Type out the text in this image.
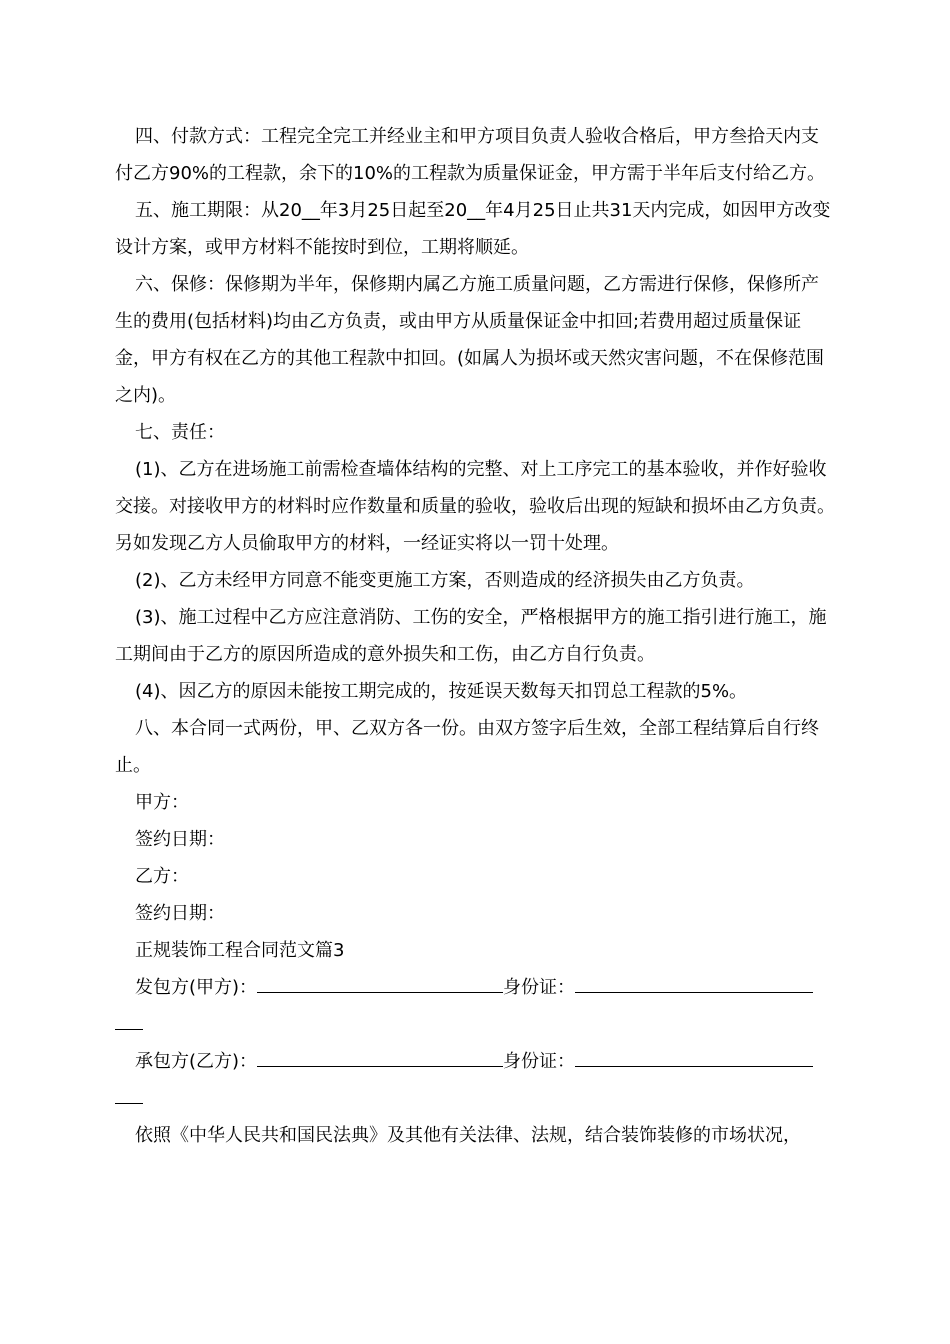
四、付款方式：工程完全完工并经业主和甲方项目负责人验收合格后，甲方叁拾天内支付乙方90%的工程款，余下的10%的工程款为质量保证金，甲方需于半年后支付给乙方。

五、施工期限：从20__年3月25日起至20__年4月25日止共31天内完成，如因甲方改变设计方案，或甲方材料不能按时到位，工期将顺延。

六、保修：保修期为半年，保修期内属乙方施工质量问题，乙方需进行保修，保修所产生的费用(包括材料)均由乙方负责，或由甲方从质量保证金中扣回;若费用超过质量保证金，甲方有权在乙方的其他工程款中扣回。(如属人为损坏或天然灾害问题，不在保修范围之内)。

七、责任：

(1)、乙方在进场施工前需检查墙体结构的完整、对上工序完工的基本验收，并作好验收交接。对接收甲方的材料时应作数量和质量的验收，验收后出现的短缺和损坏由乙方负责。另如发现乙方人员偷取甲方的材料，一经证实将以一罚十处理。

(2)、乙方未经甲方同意不能变更施工方案，否则造成的经济损失由乙方负责。

(3)、施工过程中乙方应注意消防、工伤的安全，严格根据甲方的施工指引进行施工，施工期间由于乙方的原因所造成的意外损失和工伤，由乙方自行负责。

(4)、因乙方的原因未能按工期完成的，按延误天数每天扣罚总工程款的5%。

八、本合同一式两份，甲、乙双方各一份。由双方签字后生效，全部工程结算后自行终止。

甲方：

签约日期：

乙方：

签约日期：

正规装饰工程合同范文篇3

发包方(甲方)：	身份证：

承包方(乙方)：	身份证：

依照《中华人民共和国民法典》及其他有关法律、法规，结合装饰装修的市场状况，
